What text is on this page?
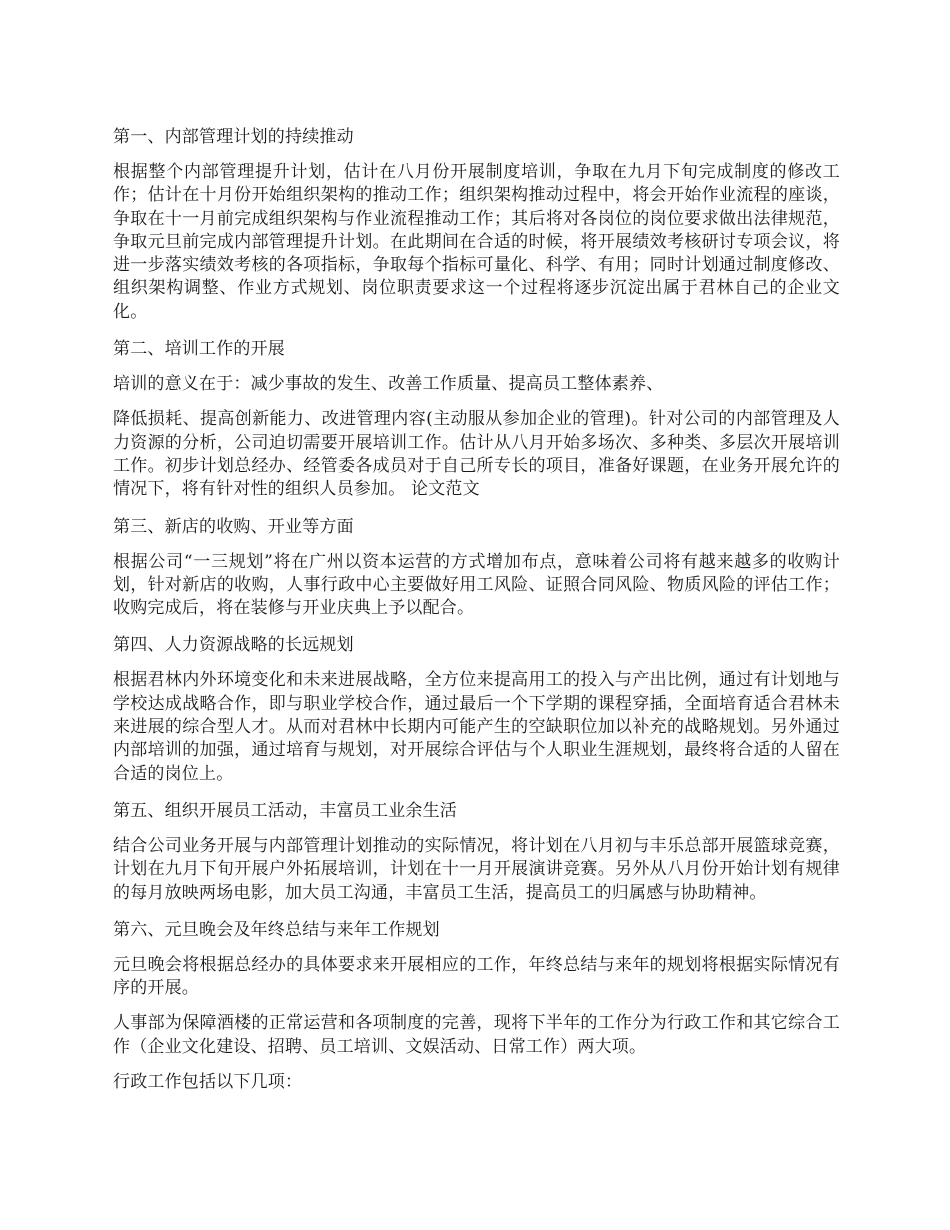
第一、内部管理计划的持续推动

根据整个内部管理提升计划，估计在八月份开展制度培训，争取在九月下旬完成制度的修改工作；估计在十月份开始组织架构的推动工作；组织架构推动过程中，将会开始作业流程的座谈，争取在十一月前完成组织架构与作业流程推动工作；其后将对各岗位的岗位要求做出法律规范，争取元旦前完成内部管理提升计划。在此期间在合适的时候，将开展绩效考核研讨专项会议，将进一步落实绩效考核的各项指标，争取每个指标可量化、科学、有用；同时计划通过制度修改、组织架构调整、作业方式规划、岗位职责要求这一个过程将逐步沉淀出属于君林自己的企业文化。

第二、培训工作的开展

培训的意义在于：减少事故的发生、改善工作质量、提高员工整体素养、

降低损耗、提高创新能力、改进管理内容(主动服从参加企业的管理)。针对公司的内部管理及人力资源的分析，公司迫切需要开展培训工作。估计从八月开始多场次、多种类、多层次开展培训工作。初步计划总经办、经管委各成员对于自己所专长的项目，准备好课题，在业务开展允许的情况下，将有针对性的组织人员参加。 论文范文

第三、新店的收购、开业等方面

根据公司“一三规划”将在广州以资本运营的方式增加布点，意味着公司将有越来越多的收购计划，针对新店的收购，人事行政中心主要做好用工风险、证照合同风险、物质风险的评估工作；收购完成后，将在装修与开业庆典上予以配合。

第四、人力资源战略的长远规划

根据君林内外环境变化和未来进展战略，全方位来提高用工的投入与产出比例，通过有计划地与学校达成战略合作，即与职业学校合作，通过最后一个下学期的课程穿插，全面培育适合君林未来进展的综合型人才。从而对君林中长期内可能产生的空缺职位加以补充的战略规划。另外通过内部培训的加强，通过培育与规划，对开展综合评估与个人职业生涯规划，最终将合适的人留在合适的岗位上。

第五、组织开展员工活动，丰富员工业余生活

结合公司业务开展与内部管理计划推动的实际情况，将计划在八月初与丰乐总部开展篮球竞赛，计划在九月下旬开展户外拓展培训，计划在十一月开展演讲竞赛。另外从八月份开始计划有规律的每月放映两场电影，加大员工沟通，丰富员工生活，提高员工的归属感与协助精神。

第六、元旦晚会及年终总结与来年工作规划

元旦晚会将根据总经办的具体要求来开展相应的工作，年终总结与来年的规划将根据实际情况有序的开展。

人事部为保障酒楼的正常运营和各项制度的完善，现将下半年的工作分为行政工作和其它综合工作（企业文化建设、招聘、员工培训、文娱活动、日常工作）两大项。

行政工作包括以下几项：
